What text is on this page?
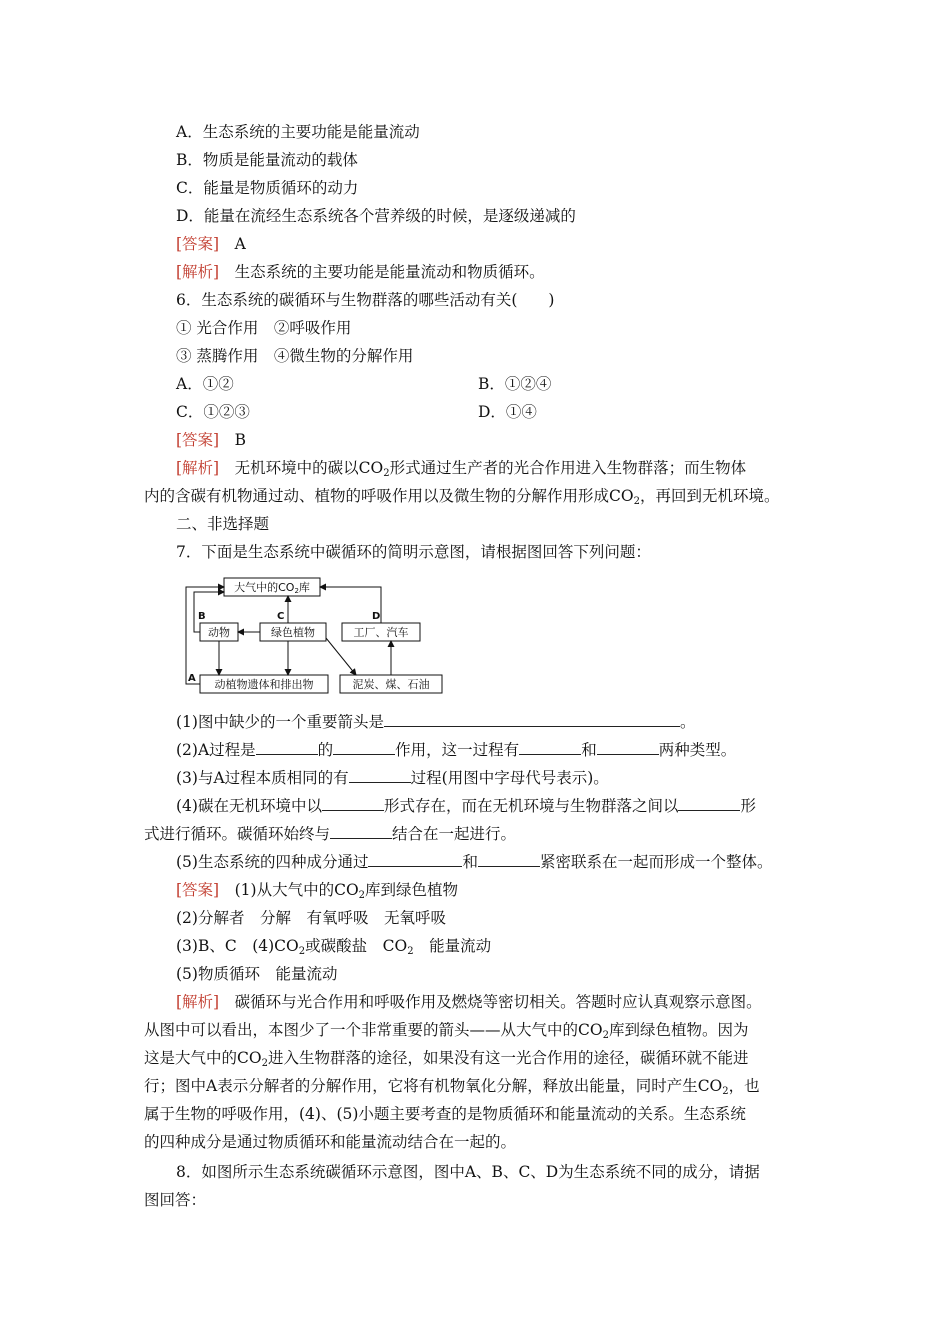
A．生态系统的主要功能是能量流动
B．物质是能量流动的载体
C．能量是物质循环的动力
D．能量在流经生态系统各个营养级的时候，是逐级递减的
[答案]　 A
[解析]　 生态系统的主要功能是能量流动和物质循环。
6．生态系统的碳循环与生物群落的哪些活动有关(　　)
① 光合作用　②呼吸作用
③ 蒸腾作用　④微生物的分解作用
A．①②	B．①②④
C．①②③	D．①④
[答案]　 B
[解析]　 无机环境中的碳以$CO_2$形式通过生产者的光合作用进入生物群落；而生物体
内的含碳有机物通过动、植物的呼吸作用以及微生物的分解作用形成$CO_2$，再回到无机环境。
二、非选择题
7．下面是生态系统中碳循环的简明示意图，请根据图回答下列问题：
大气中的CO2库
动物	绿色植物	工厂、汽车
动植物遗体和排出物	泥炭、煤、石油
A
B	C	D
(1)图中缺少的一个重要箭头是	。
(2)A过程是	的	作用，这一过程有	和	两种类型。
(3)与A过程本质相同的有	过程(用图中字母代号表示)。
(4)碳在无机环境中以	形式存在，而在无机环境与生物群落之间以	形
式进行循环。碳循环始终与	结合在一起进行。
(5)生态系统的四种成分通过	和	紧密联系在一起而形成一个整体。
[答案]　 (1)从大气中的$CO_2$库到绿色植物
(2)分解者　分解　有氧呼吸　无氧呼吸
(3)B、C　$(4)CO_2$或碳酸盐　$CO_2$　能量流动
(5)物质循环　能量流动
[解析]　 碳循环与光合作用和呼吸作用及燃烧等密切相关。答题时应认真观察示意图。
从图中可以看出，本图少了一个非常重要的箭头——从大气中的$CO_2$库到绿色植物。因为
这是大气中的$CO_2$进入生物群落的途径，如果没有这一光合作用的途径，碳循环就不能进
行；图中A表示分解者的分解作用，它将有机物氧化分解，释放出能量，同时产生$CO_2$，也
属于生物的呼吸作用，(4)、(5)小题主要考查的是物质循环和能量流动的关系。生态系统
的四种成分是通过物质循环和能量流动结合在一起的。
8．如图所示生态系统碳循环示意图，图中A、B、C、D为生态系统不同的成分，请据
图回答：
